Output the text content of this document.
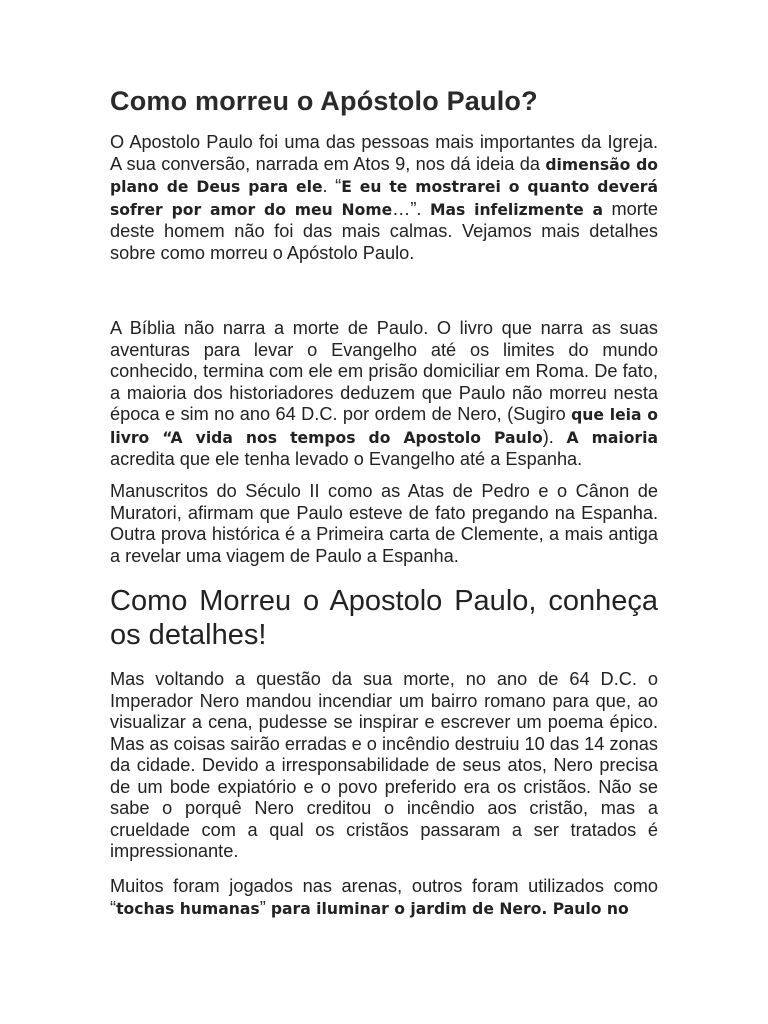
Como morreu o Apóstolo Paulo?

O Apostolo Paulo foi uma das pessoas mais importantes da Igreja. A sua conversão, narrada em Atos 9, nos dá ideia da dimensão do plano de Deus para ele. “E eu te mostrarei o quanto deverá sofrer por amor do meu Nome…”. Mas infelizmente a morte deste homem não foi das mais calmas. Vejamos mais detalhes sobre como morreu o Apóstolo Paulo.

A Bíblia não narra a morte de Paulo. O livro que narra as suas aventuras para levar o Evangelho até os limites do mundo conhecido, termina com ele em prisão domiciliar em Roma. De fato, a maioria dos historiadores deduzem que Paulo não morreu nesta época e sim no ano 64 D.C. por ordem de Nero, (Sugiro que leia o livro “A vida nos tempos do Apostolo Paulo). A maioria acredita que ele tenha levado o Evangelho até a Espanha.

Manuscritos do Século II como as Atas de Pedro e o Cânon de Muratori, afirmam que Paulo esteve de fato pregando na Espanha. Outra prova histórica é a Primeira carta de Clemente, a mais antiga a revelar uma viagem de Paulo a Espanha.

Como Morreu o Apostolo Paulo, conheça os detalhes!

Mas voltando a questão da sua morte, no ano de 64 D.C. o Imperador Nero mandou incendiar um bairro romano para que, ao visualizar a cena, pudesse se inspirar e escrever um poema épico. Mas as coisas sairão erradas e o incêndio destruiu 10 das 14 zonas da cidade. Devido a irresponsabilidade de seus atos, Nero precisa de um bode expiatório e o povo preferido era os cristãos. Não se sabe o porquê Nero creditou o incêndio aos cristão, mas a crueldade com a qual os cristãos passaram a ser tratados é impressionante.

Muitos foram jogados nas arenas, outros foram utilizados como “tochas humanas” para iluminar o jardim de Nero. Paulo no
